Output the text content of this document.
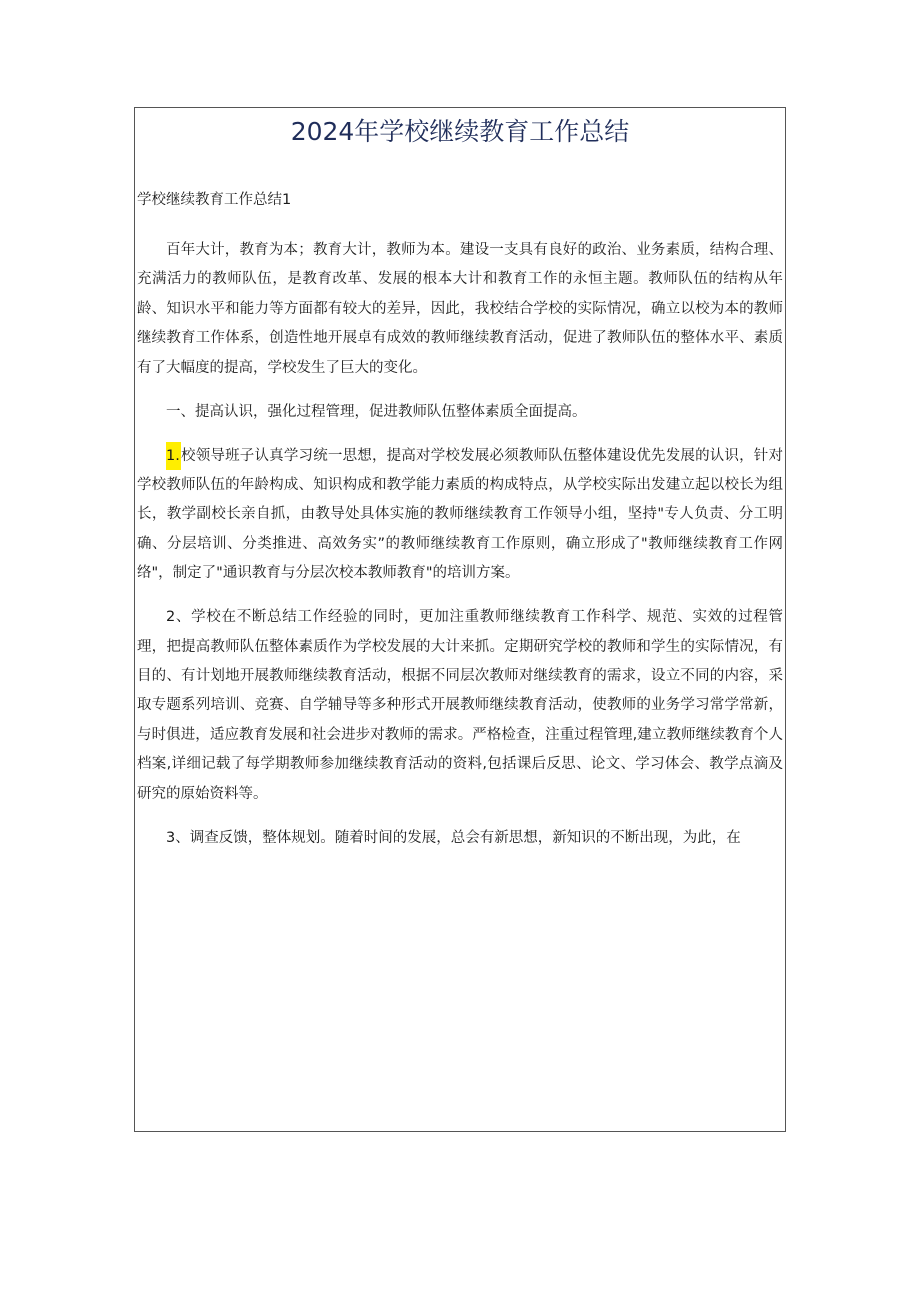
2024年学校继续教育工作总结
学校继续教育工作总结1

百年大计，教育为本；教育大计，教师为本。建设一支具有良好的政治、业务素质，结构合理、充满活力的教师队伍，是教育改革、发展的根本大计和教育工作的永恒主题。教师队伍的结构从年龄、知识水平和能力等方面都有较大的差异，因此，我校结合学校的实际情况，确立以校为本的教师继续教育工作体系，创造性地开展卓有成效的教师继续教育活动，促进了教师队伍的整体水平、素质有了大幅度的提高，学校发生了巨大的变化。

一、提高认识，强化过程管理，促进教师队伍整体素质全面提高。

1.校领导班子认真学习统一思想，提高对学校发展必须教师队伍整体建设优先发展的认识，针对学校教师队伍的年龄构成、知识构成和教学能力素质的构成特点，从学校实际出发建立起以校长为组长，教学副校长亲自抓，由教导处具体实施的教师继续教育工作领导小组，坚持"专人负责、分工明确、分层培训、分类推进、高效务实”的教师继续教育工作原则，确立形成了"教师继续教育工作网络"，制定了"通识教育与分层次校本教师教育"的培训方案。

2、学校在不断总结工作经验的同时，更加注重教师继续教育工作科学、规范、实效的过程管理，把提高教师队伍整体素质作为学校发展的大计来抓。定期研究学校的教师和学生的实际情况，有目的、有计划地开展教师继续教育活动，根据不同层次教师对继续教育的需求，设立不同的内容，采取专题系列培训、竞赛、自学辅导等多种形式开展教师继续教育活动，使教师的业务学习常学常新，与时俱进，适应教育发展和社会进步对教师的需求。严格检查，注重过程管理,建立教师继续教育个人档案,详细记载了每学期教师参加继续教育活动的资料,包括课后反思、论文、学习体会、教学点滴及研究的原始资料等。

3、调查反馈，整体规划。随着时间的发展，总会有新思想，新知识的不断出现，为此，在
